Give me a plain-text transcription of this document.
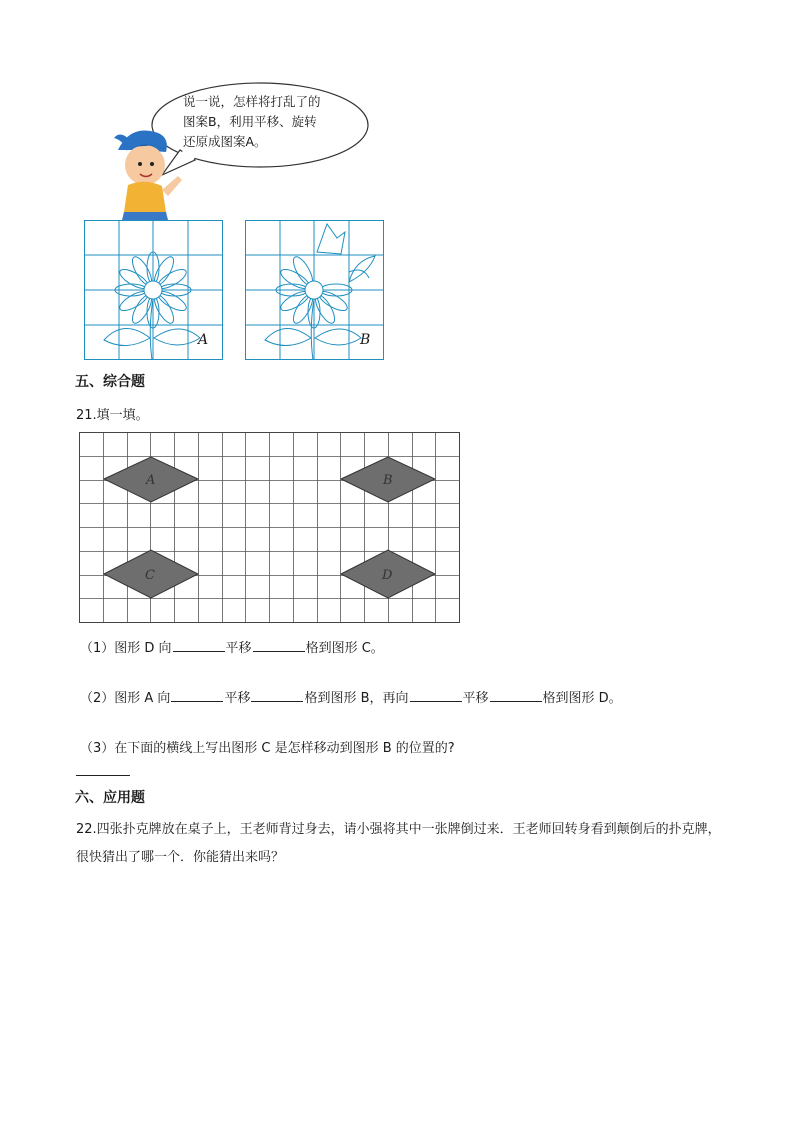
说一说，怎样将打乱了的
图案B，利用平移、旋转
还原成图案A。
A	B
五、综合题
21.填一填。
A	B
C	D
（1）图形 D 向	平移	格到图形 C。
（2）图形 A 向	平移	格到图形 B，再向	平移	格到图形 D。
（3）在下面的横线上写出图形 C 是怎样移动到图形 B 的位置的?
六、应用题
22.四张扑克牌放在桌子上，王老师背过身去，请小强将其中一张牌倒过来．王老师回转身看到颠倒后的扑克牌，很快猜出了哪一个．你能猜出来吗？
